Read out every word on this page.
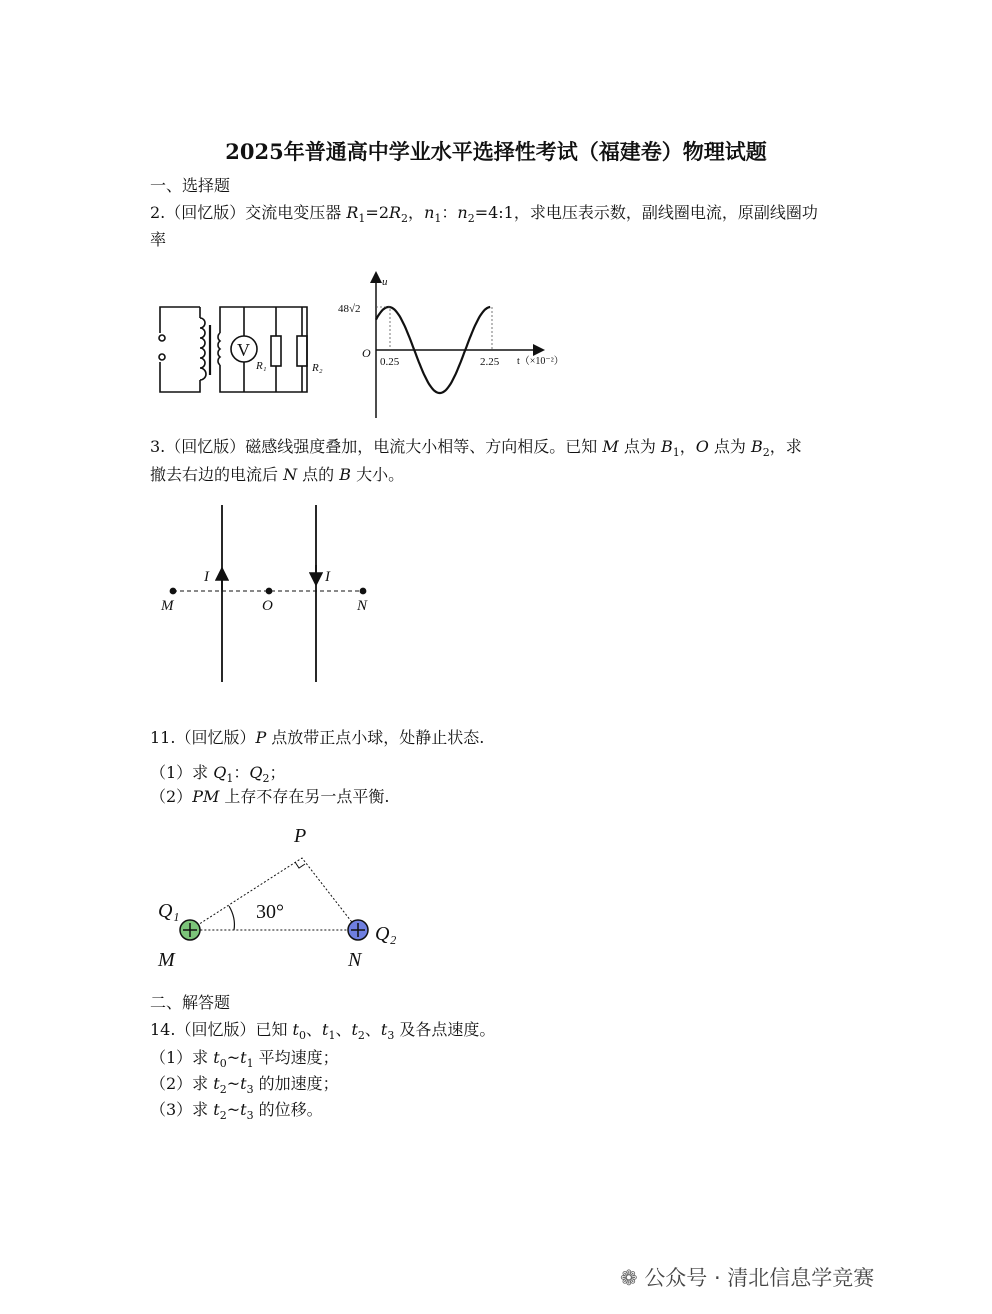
2025年普通高中学业水平选择性考试（福建卷）物理试题
一、选择题
2.（回忆版）交流电变压器 $R_1=2R_2$，$n_1$：$n_2=4:1$，求电压表示数，副线圈电流，原副线圈功
率
3.（回忆版）磁感线强度叠加，电流大小相等、方向相反。已知 M 点为 $B_1$，O 点为 $B_2$，求
撤去右边的电流后 N 点的 B 大小。
11.（回忆版）P 点放带正点小球，处静止状态.
（1）求 $Q_1$：$Q_2$；
（2）PM 上存不存在另一点平衡.
二、解答题
14.（回忆版）已知 $t_0$、$t_1$、$t_2$、$t_3$ 及各点速度。
（1）求 $t_0\sim t_1$ 平均速度；
（2）求 $t_2\sim t_3$ 的加速度；
（3）求 $t_2\sim t_3$ 的位移。
V
R₁	R₂
u
48√2
O
0.25	2.25 t（×10⁻²）
I	I
M	O	N
P
Q₁	30°
Q₂
M	N
❁ 公众号 · 清北信息学竞赛
